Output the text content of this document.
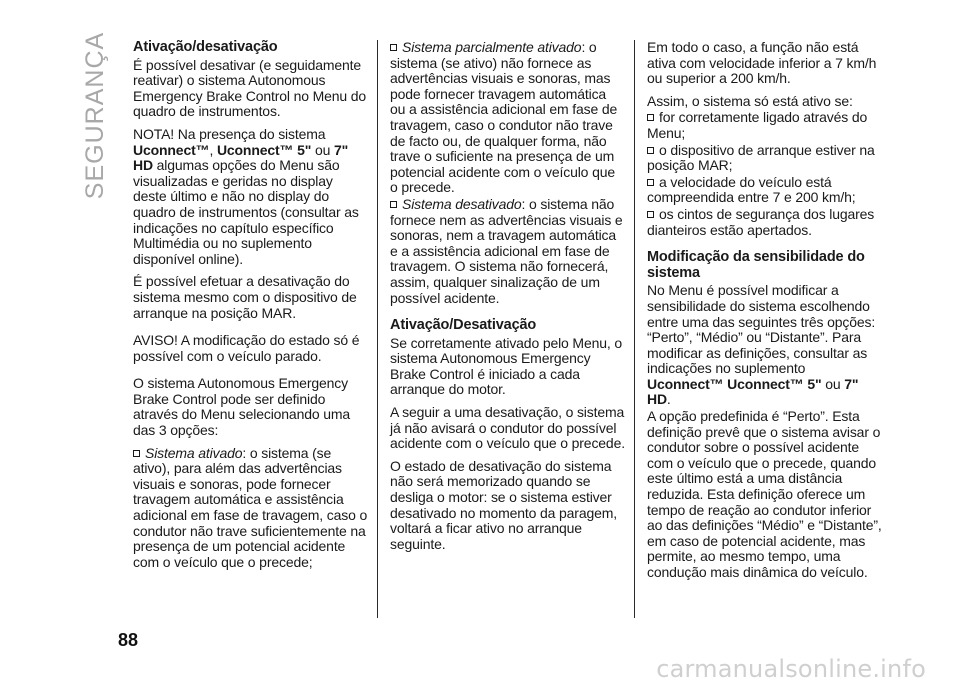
SEGURANÇA Ativação/desativação

É possível desativar (e seguidamente reativar) o sistema Autonomous Emergency Brake Control no Menu do quadro de instrumentos.

NOTA! Na presença do sistema
Uconnect™, Uconnect™ 5" ou 7" HD algumas opções do Menu são visualizadas e geridas no display deste último e não no display do quadro de instrumentos (consultar as indicações no capítulo específico Multimédia ou no suplemento disponível online).

É possível efetuar a desativação do sistema mesmo com o dispositivo de arranque na posição MAR.

AVISO! A modificação do estado só é possível com o veículo parado.

O sistema Autonomous Emergency Brake Control pode ser definido através do Menu selecionando uma das 3 opções:

Sistema ativado: o sistema (se ativo), para além das advertências visuais e sonoras, pode fornecer travagem automática e assistência adicional em fase de travagem, caso o condutor não trave suficientemente na presença de um potencial acidente com o veículo que o precede;

Sistema parcialmente ativado: o sistema (se ativo) não fornece as advertências visuais e sonoras, mas pode fornecer travagem automática ou a assistência adicional em fase de travagem, caso o condutor não trave de facto ou, de qualquer forma, não trave o suficiente na presença de um potencial acidente com o veículo que o precede.

Sistema desativado: o sistema não fornece nem as advertências visuais e sonoras, nem a travagem automática e a assistência adicional em fase de travagem. O sistema não fornecerá, assim, qualquer sinalização de um possível acidente.

Ativação/Desativação

Se corretamente ativado pelo Menu, o sistema Autonomous Emergency Brake Control é iniciado a cada arranque do motor.

A seguir a uma desativação, o sistema já não avisará o condutor do possível acidente com o veículo que o precede.

O estado de desativação do sistema não será memorizado quando se desliga o motor: se o sistema estiver desativado no momento da paragem, voltará a ficar ativo no arranque seguinte.

Em todo o caso, a função não está ativa com velocidade inferior a 7 km/h ou superior a 200 km/h.

Assim, o sistema só está ativo se:

for corretamente ligado através do Menu;

o dispositivo de arranque estiver na posição MAR;

a velocidade do veículo está compreendida entre 7 e 200 km/h;

os cintos de segurança dos lugares dianteiros estão apertados.

Modificação da sensibilidade do sistema

No Menu é possível modificar a sensibilidade do sistema escolhendo entre uma das seguintes três opções: “Perto”, “Médio” ou “Distante”. Para modificar as definições, consultar as indicações no suplemento Uconnect™ Uconnect™ 5" ou 7" HD.

A opção predefinida é “Perto”. Esta definição prevê que o sistema avisar o condutor sobre o possível acidente com o veículo que o precede, quando este último está a uma distância reduzida. Esta definição oferece um tempo de reação ao condutor inferior ao das definições “Médio” e “Distante”, em caso de potencial acidente, mas permite, ao mesmo tempo, uma condução mais dinâmica do veículo.

88
carmanualsonline.info
